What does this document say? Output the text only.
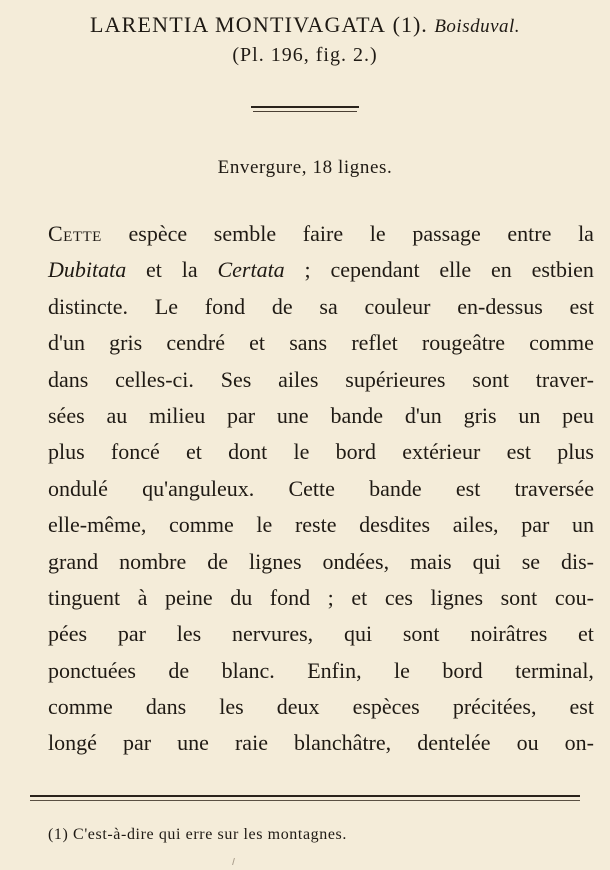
LARENTIA MONTIVAGATA (1). Boisduval.
(Pl. 196, fig. 2.)
Envergure, 18 lignes.
Cette espèce semble faire le passage entre la
Dubitata et la Certata ; cependant elle en estbien
distincte. Le fond de sa couleur en-dessus est
d'un gris cendré et sans reflet rougeâtre comme
dans celles-ci. Ses ailes supérieures sont traver-
sées au milieu par une bande d'un gris un peu
plus foncé et dont le bord extérieur est plus
ondulé qu'anguleux. Cette bande est traversée
elle-même, comme le reste desdites ailes, par un
grand nombre de lignes ondées, mais qui se dis-
tinguent à peine du fond ; et ces lignes sont cou-
pées par les nervures, qui sont noirâtres et
ponctuées de blanc. Enfin, le bord terminal,
comme dans les deux espèces précitées, est
longé par une raie blanchâtre, dentelée ou on-
(1) C'est-à-dire qui erre sur les montagnes.
